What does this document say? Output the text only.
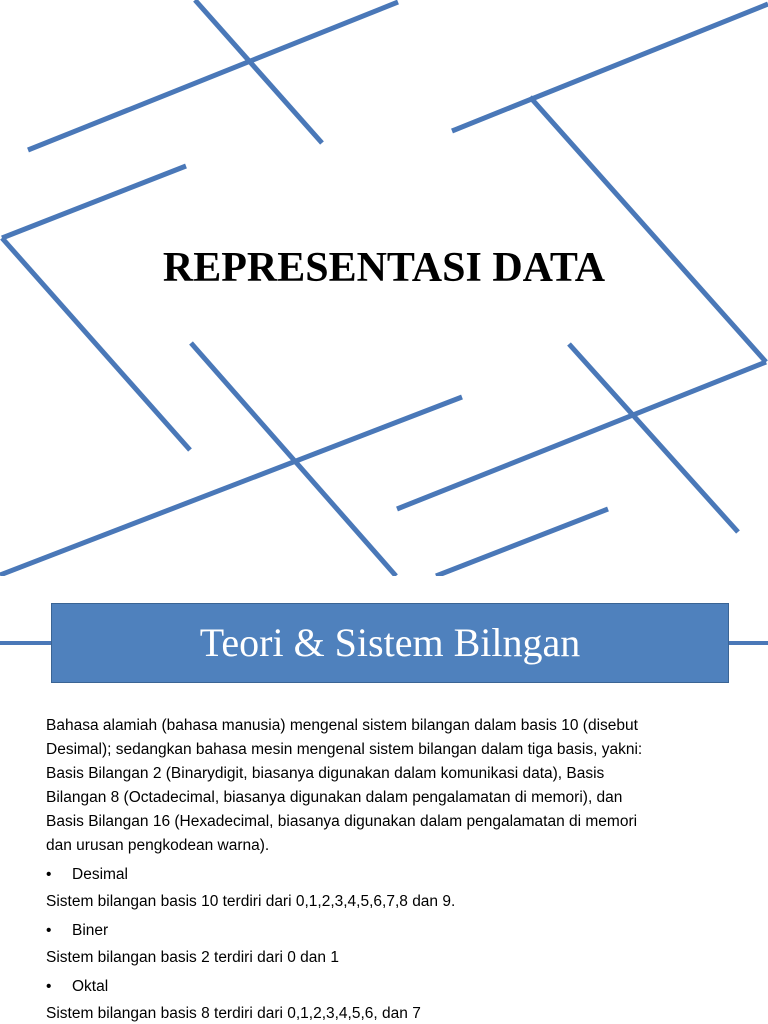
REPRESENTASI DATA
Teori & Sistem Bilngan

Bahasa alamiah (bahasa manusia) mengenal sistem bilangan dalam basis 10 (disebut

Desimal); sedangkan bahasa mesin mengenal sistem bilangan dalam tiga basis, yakni:

Basis Bilangan 2 (Binarydigit, biasanya digunakan dalam komunikasi data), Basis

Bilangan 8 (Octadecimal, biasanya digunakan dalam pengalamatan di memori), dan

Basis Bilangan 16 (Hexadecimal, biasanya digunakan dalam pengalamatan di memori

dan urusan pengkodean warna).

•	Desimal

Sistem bilangan basis 10 terdiri dari 0,1,2,3,4,5,6,7,8 dan 9.

•	Biner

Sistem bilangan basis 2 terdiri dari 0 dan 1

•	Oktal

Sistem bilangan basis 8 terdiri dari 0,1,2,3,4,5,6, dan 7
